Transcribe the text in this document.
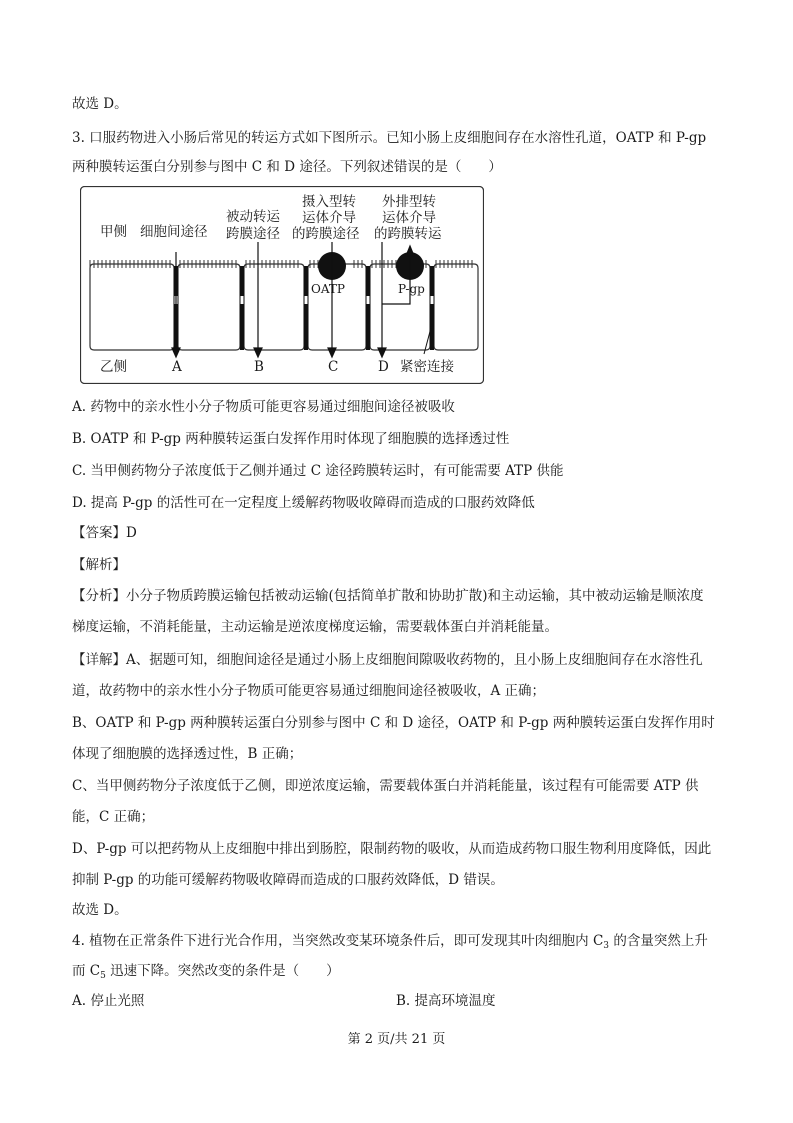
故选 D。
3. 口服药物进入小肠后常见的转运方式如下图所示。已知小肠上皮细胞间存在水溶性孔道，OATP 和 P-gp
两种膜转运蛋白分别参与图中 C 和 D 途径。下列叙述错误的是（　　）
甲侧 细胞间途径
被动转运
跨膜途径
摄入型转
运体介导
的跨膜途径
外排型转
运体介导
的跨膜转运
OATP	P-gp
乙侧	A	B	C	D 紧密连接
A. 药物中的亲水性小分子物质可能更容易通过细胞间途径被吸收
B. OATP 和 P-gp 两种膜转运蛋白发挥作用时体现了细胞膜的选择透过性
C. 当甲侧药物分子浓度低于乙侧并通过 C 途径跨膜转运时，有可能需要 ATP 供能
D. 提高 P-gp 的活性可在一定程度上缓解药物吸收障碍而造成的口服药效降低
【答案】D
【解析】
【分析】小分子物质跨膜运输包括被动运输(包括简单扩散和协助扩散)和主动运输，其中被动运输是顺浓度
梯度运输，不消耗能量，主动运输是逆浓度梯度运输，需要载体蛋白并消耗能量。
【详解】A、据题可知，细胞间途径是通过小肠上皮细胞间隙吸收药物的，且小肠上皮细胞间存在水溶性孔
道，故药物中的亲水性小分子物质可能更容易通过细胞间途径被吸收，A 正确；
B、OATP 和 P-gp 两种膜转运蛋白分别参与图中 C 和 D 途径，OATP 和 P-gp 两种膜转运蛋白发挥作用时
体现了细胞膜的选择透过性，B 正确；
C、当甲侧药物分子浓度低于乙侧，即逆浓度运输，需要载体蛋白并消耗能量，该过程有可能需要 ATP 供
能，C 正确；
D、P-gp 可以把药物从上皮细胞中排出到肠腔，限制药物的吸收，从而造成药物口服生物利用度降低，因此
抑制 P-gp 的功能可缓解药物吸收障碍而造成的口服药效降低，D 错误。
故选 D。
4. 植物在正常条件下进行光合作用，当突然改变某环境条件后，即可发现其叶肉细胞内 $C_3$ 的含量突然上升
而 $C_5$ 迅速下降。突然改变的条件是（　　）
A. 停止光照	B. 提高环境温度
第 2 页/共 21 页
